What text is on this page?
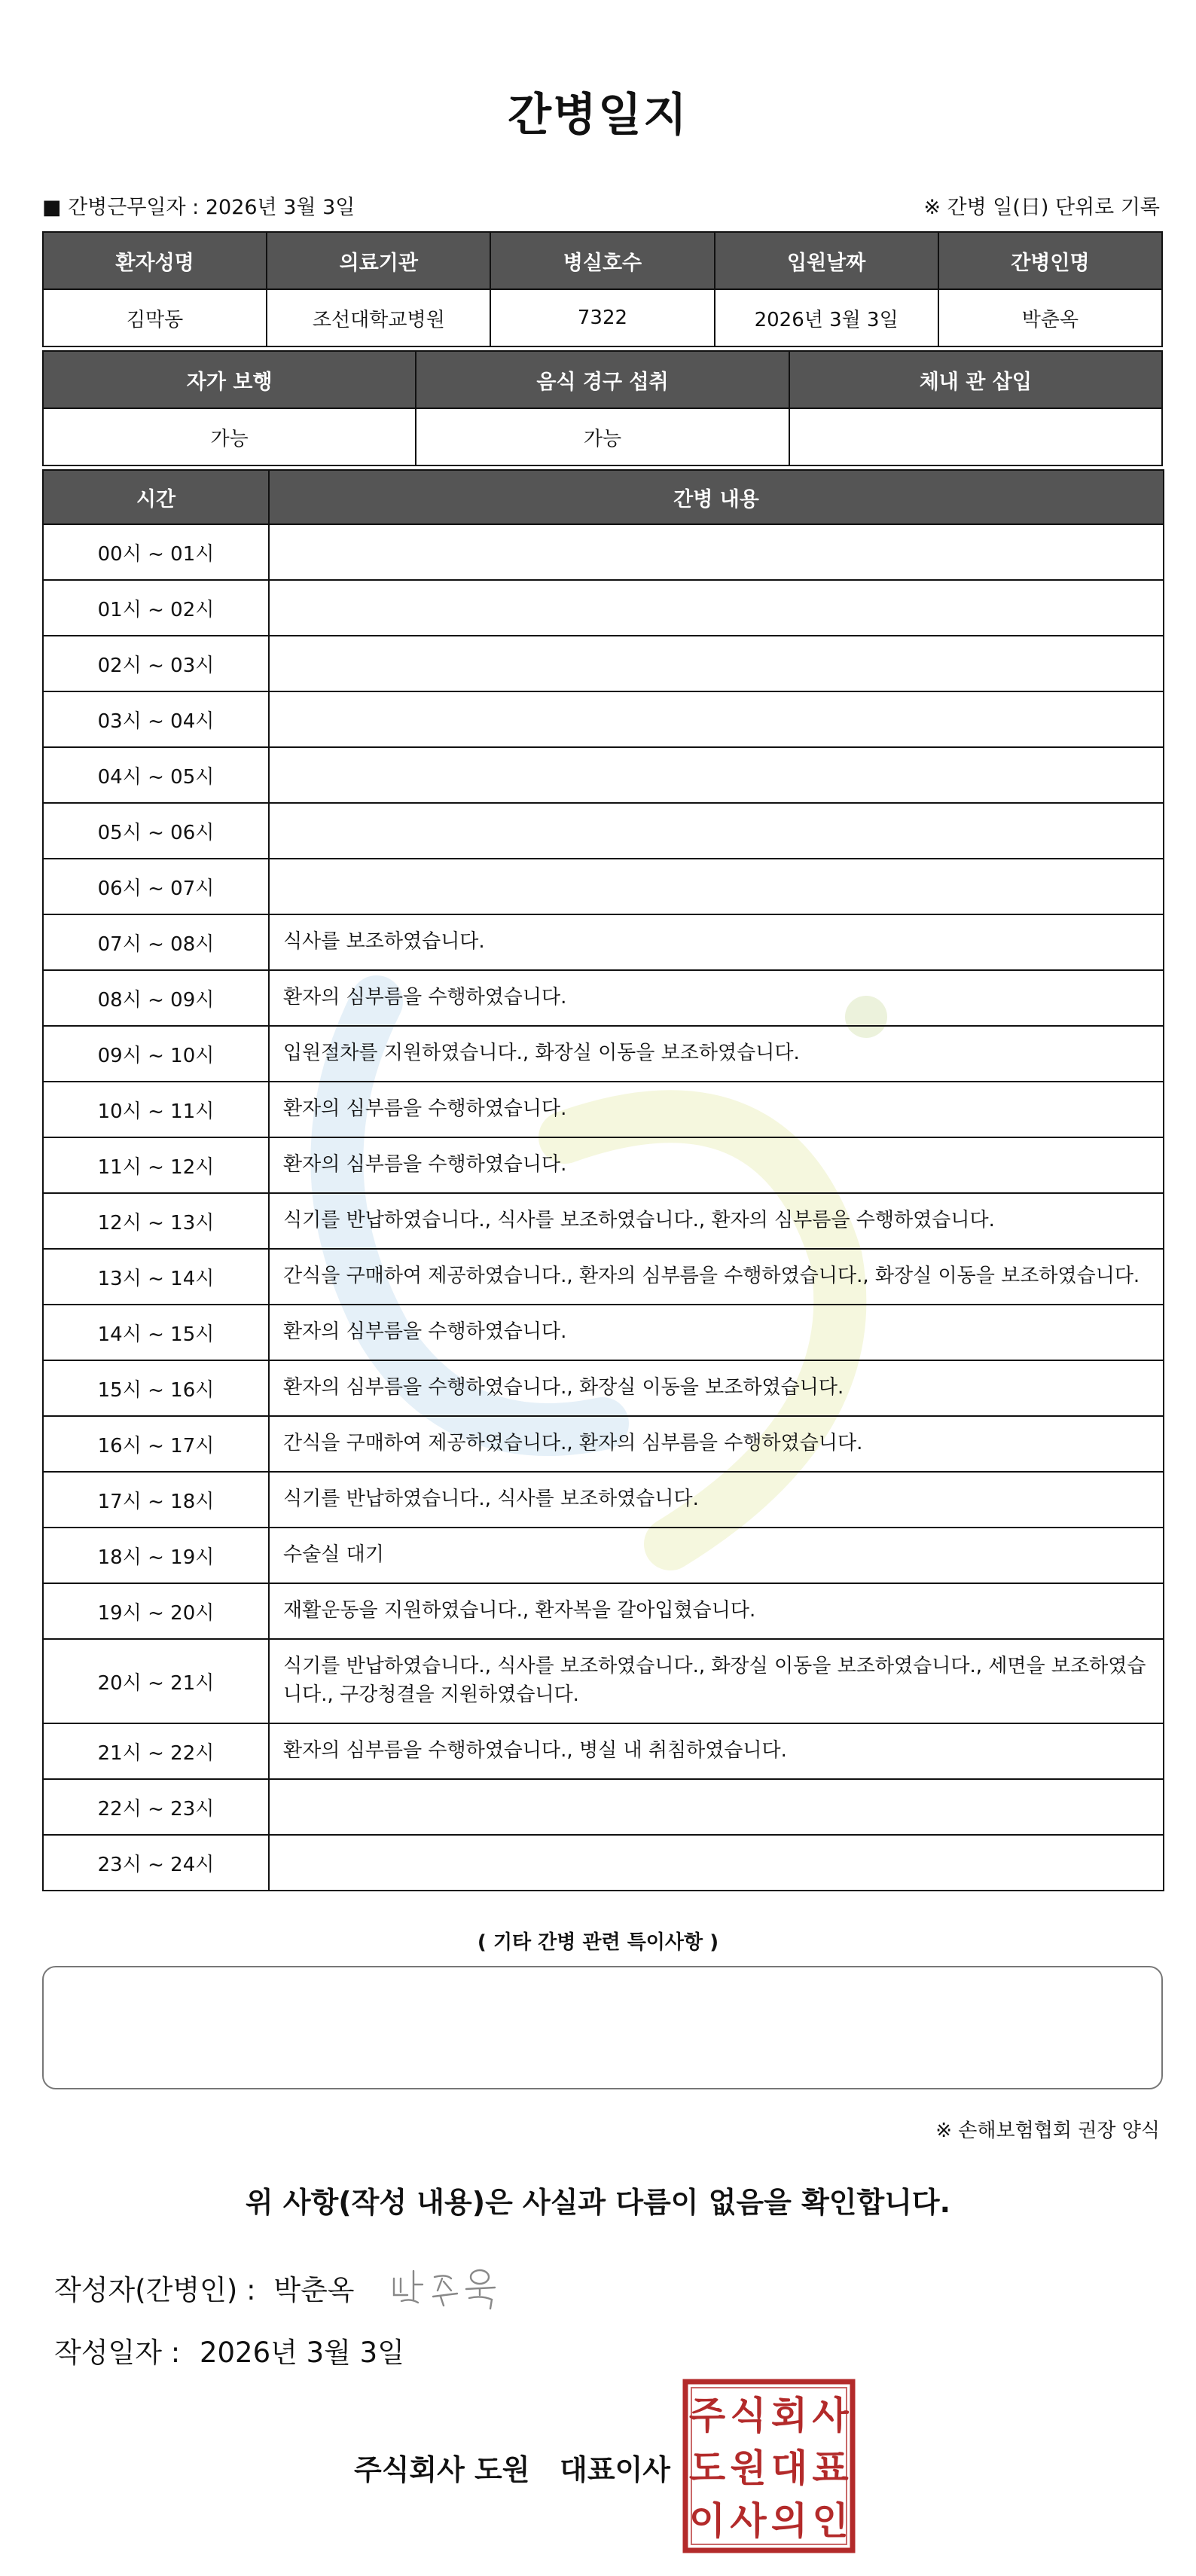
간병일지
■ 간병근무일자 : 2026년 3월 3일	※ 간병 일(日) 단위로 기록
환자성명	의료기관	병실호수	입원날짜	간병인명
김막동	조선대학교병원	7322	2026년 3월 3일	박춘옥
자가 보행	음식 경구 섭취	체내 관 삽입
가능	가능	
시간	간병 내용
00시 ~ 01시	
01시 ~ 02시	
02시 ~ 03시	
03시 ~ 04시	
04시 ~ 05시	
05시 ~ 06시	
06시 ~ 07시	
07시 ~ 08시	식사를 보조하였습니다.
08시 ~ 09시	환자의 심부름을 수행하였습니다.
09시 ~ 10시	입원절차를 지원하였습니다., 화장실 이동을 보조하였습니다.
10시 ~ 11시	환자의 심부름을 수행하였습니다.
11시 ~ 12시	환자의 심부름을 수행하였습니다.
12시 ~ 13시	식기를 반납하였습니다., 식사를 보조하였습니다., 환자의 심부름을 수행하였습니다.
13시 ~ 14시	간식을 구매하여 제공하였습니다., 환자의 심부름을 수행하였습니다., 화장실 이동을 보조하였습니다.
14시 ~ 15시	환자의 심부름을 수행하였습니다.
15시 ~ 16시	환자의 심부름을 수행하였습니다., 화장실 이동을 보조하였습니다.
16시 ~ 17시	간식을 구매하여 제공하였습니다., 환자의 심부름을 수행하였습니다.
17시 ~ 18시	식기를 반납하였습니다., 식사를 보조하였습니다.
18시 ~ 19시	수술실 대기
19시 ~ 20시	재활운동을 지원하였습니다., 환자복을 갈아입혔습니다.
20시 ~ 21시	식기를 반납하였습니다., 식사를 보조하였습니다., 화장실 이동을 보조하였습니다., 세면을 보조하였습니다., 구강청결을 지원하였습니다.
21시 ~ 22시	환자의 심부름을 수행하였습니다., 병실 내 취침하였습니다.
22시 ~ 23시	
23시 ~ 24시	
( 기타 간병 관련 특이사항 )
※ 손해보험협회 권장 양식
위 사항(작성 내용)은 사실과 다름이 없음을 확인합니다.
작성자(간병인) : 박춘옥
작성일자 : 2026년 3월 3일
주식회사 도원   대표이사
주 식 회 사
도 원 대 표
이 사 의 인
